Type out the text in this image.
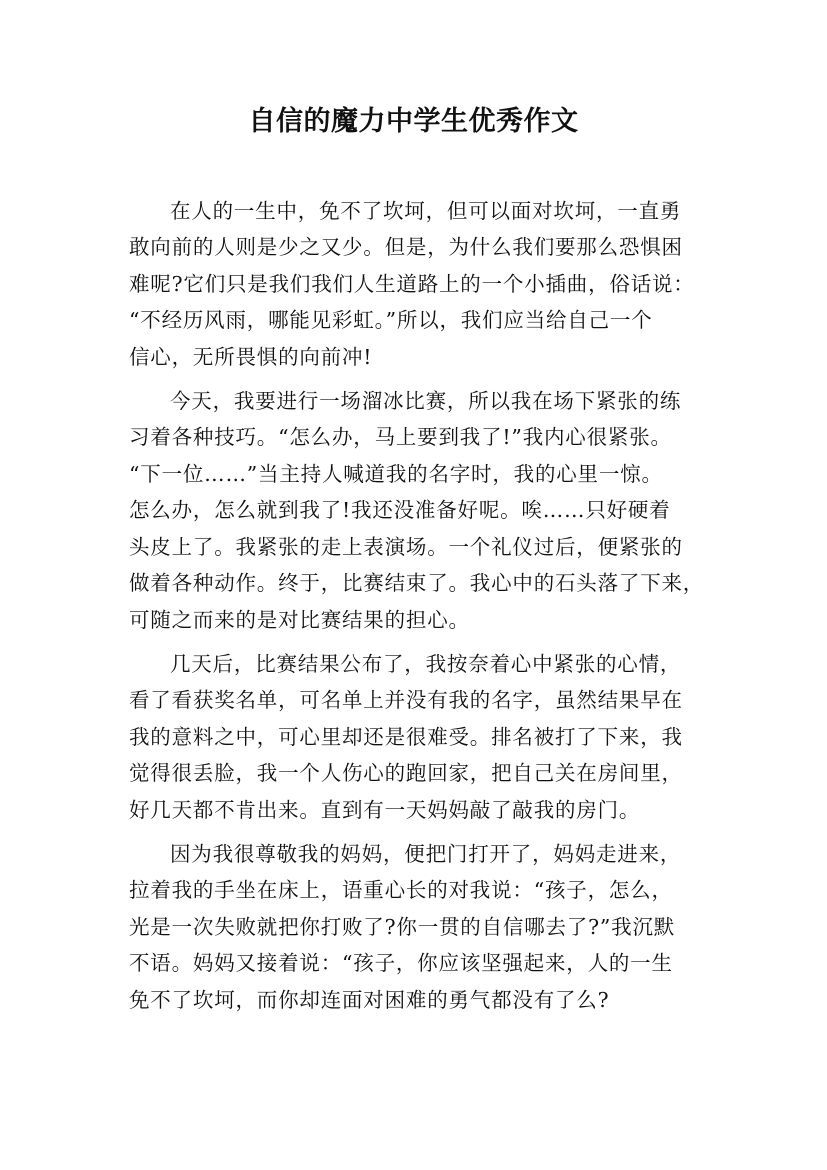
自信的魔力中学生优秀作文
在人的一生中，免不了坎坷，但可以面对坎坷，一直勇
敢向前的人则是少之又少。但是，为什么我们要那么恐惧困
难呢?它们只是我们我们人生道路上的一个小插曲，俗话说：
“不经历风雨，哪能见彩虹。”所以，我们应当给自己一个
信心，无所畏惧的向前冲!
今天，我要进行一场溜冰比赛，所以我在场下紧张的练
习着各种技巧。“怎么办，马上要到我了!”我内心很紧张。
“下一位……”当主持人喊道我的名字时，我的心里一惊。
怎么办，怎么就到我了!我还没准备好呢。唉……只好硬着
头皮上了。我紧张的走上表演场。一个礼仪过后，便紧张的
做着各种动作。终于，比赛结束了。我心中的石头落了下来，
可随之而来的是对比赛结果的担心。
几天后，比赛结果公布了，我按奈着心中紧张的心情，
看了看获奖名单，可名单上并没有我的名字，虽然结果早在
我的意料之中，可心里却还是很难受。排名被打了下来，我
觉得很丢脸，我一个人伤心的跑回家，把自己关在房间里，
好几天都不肯出来。直到有一天妈妈敲了敲我的房门。
因为我很尊敬我的妈妈，便把门打开了，妈妈走进来，
拉着我的手坐在床上，语重心长的对我说：“孩子，怎么，
光是一次失败就把你打败了?你一贯的自信哪去了?”我沉默
不语。妈妈又接着说：“孩子，你应该坚强起来，人的一生
免不了坎坷，而你却连面对困难的勇气都没有了么?
